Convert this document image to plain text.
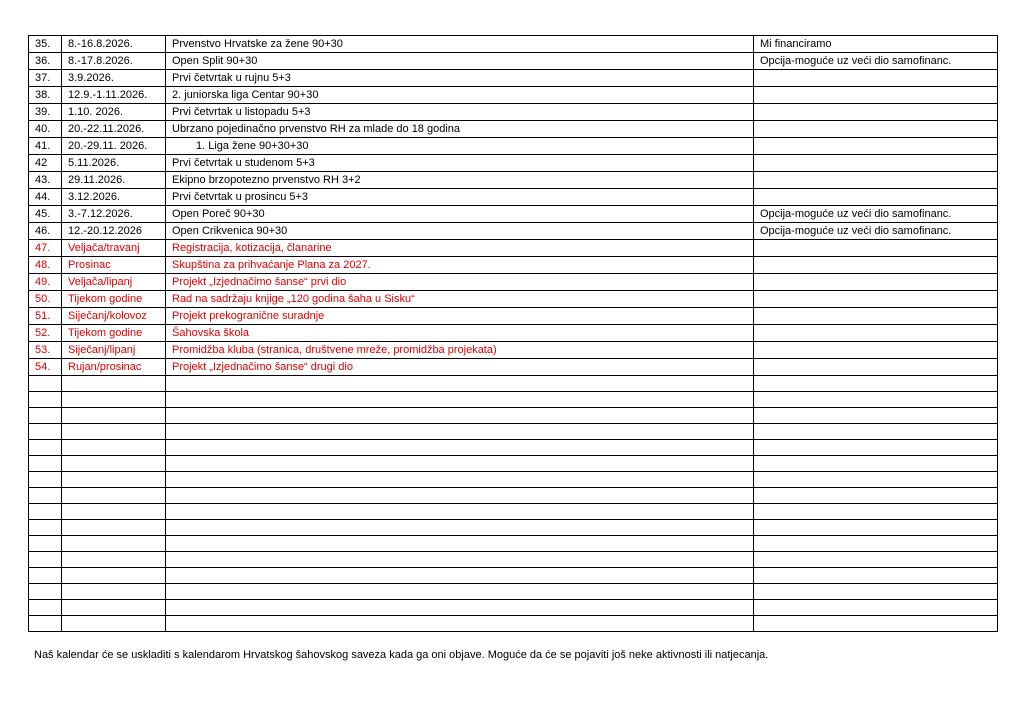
35.	8.-16.8.2026.	Prvenstvo Hrvatske za žene 90+30	Mi financiramo
36.	8.-17.8.2026.	Open Split 90+30	Opcija-moguće uz veći dio samofinanc.
37.	3.9.2026.	Prvi četvrtak u rujnu 5+3	
38.	12.9.-1.11.2026.	2. juniorska liga Centar 90+30	
39.	1.10. 2026.	Prvi četvrtak u listopadu 5+3	
40.	20.-22.11.2026.	Ubrzano pojedinačno prvenstvo RH za mlade do 18 godina	
41.	20.-29.11. 2026.	1. Liga žene 90+30+30	
42	5.11.2026.	Prvi četvrtak u studenom 5+3	
43.	29.11.2026.	Ekipno brzopotezno prvenstvo RH 3+2	
44.	3.12.2026.	Prvi četvrtak u prosincu 5+3	
45.	3.-7.12.2026.	Open Poreč 90+30	Opcija-moguće uz veći dio samofinanc.
46.	12.-20.12.2026	Open Crikvenica 90+30	Opcija-moguće uz veći dio samofinanc.
47.	Veljača/travanj	Registracija, kotizacija, članarine	
48.	Prosinac	Skupština za prihvaćanje Plana za 2027.	
49.	Veljača/lipanj	Projekt „Izjednačimo šanse“ prvi dio	
50.	Tijekom godine	Rad na sadržaju knjige „120 godina šaha u Sisku“	
51.	Siječanj/kolovoz	Projekt prekogranične suradnje	
52.	Tijekom godine	Šahovska škola	
53.	Siječanj/lipanj	Promidžba kluba (stranica, društvene mreže, promidžba projekata)	
54.	Rujan/prosinac	Projekt „Izjednačimo šanse“ drugi dio	

Naš kalendar će se uskladiti s kalendarom Hrvatskog šahovskog saveza kada ga oni objave. Moguće da će se pojaviti još neke aktivnosti ili natjecanja.
